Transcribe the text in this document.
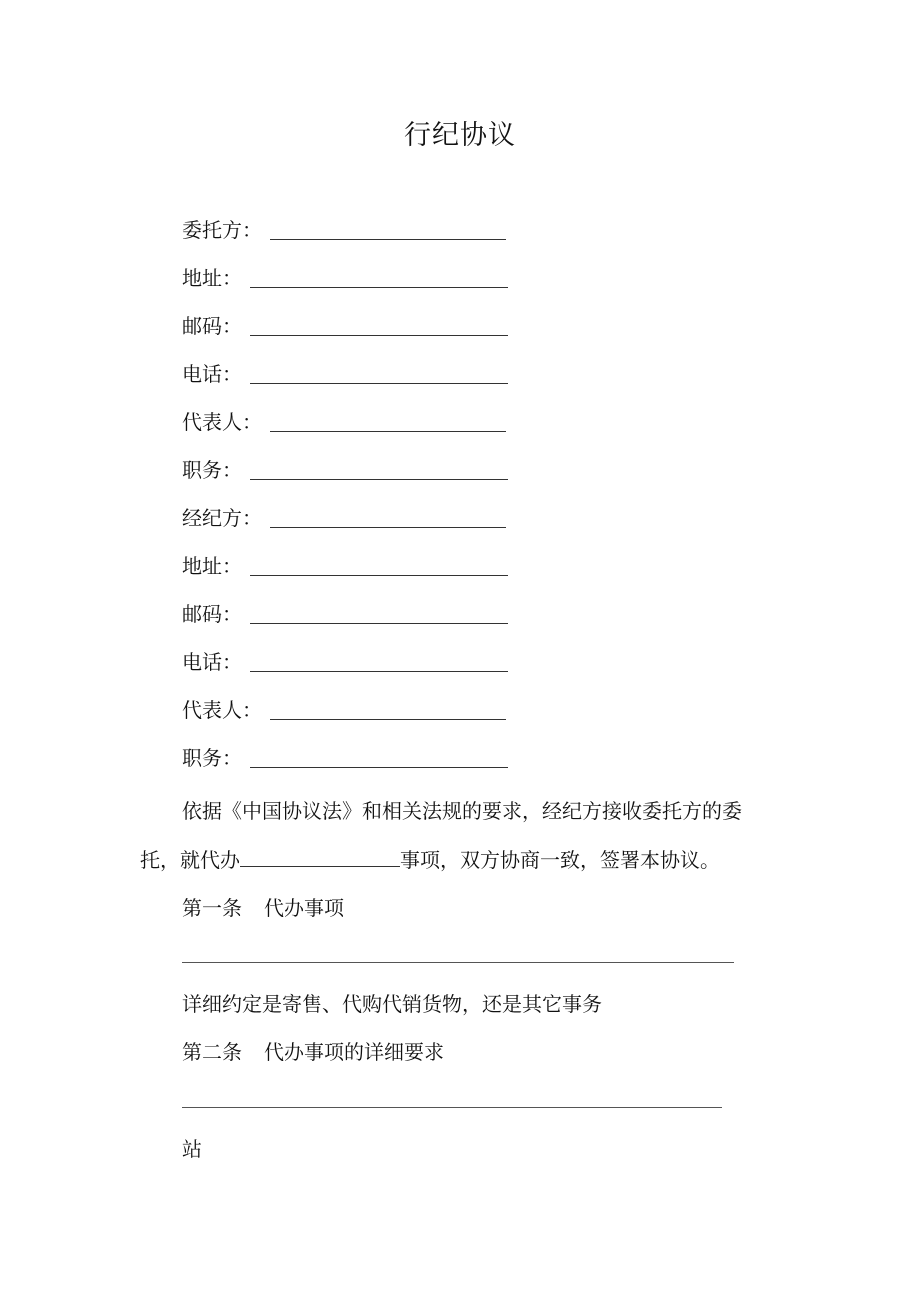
行纪协议
委托方：
地址：
邮码：
电话：
代表人：
职务：
经纪方：
地址：
邮码：
电话：
代表人：
职务：
依据《中国协议法》和相关法规的要求，经纪方接收委托方的委
托，就代办	事项，双方协商一致，签署本协议。
第一条 代办事项
详细约定是寄售、代购代销货物，还是其它事务
第二条 代办事项的详细要求
站
